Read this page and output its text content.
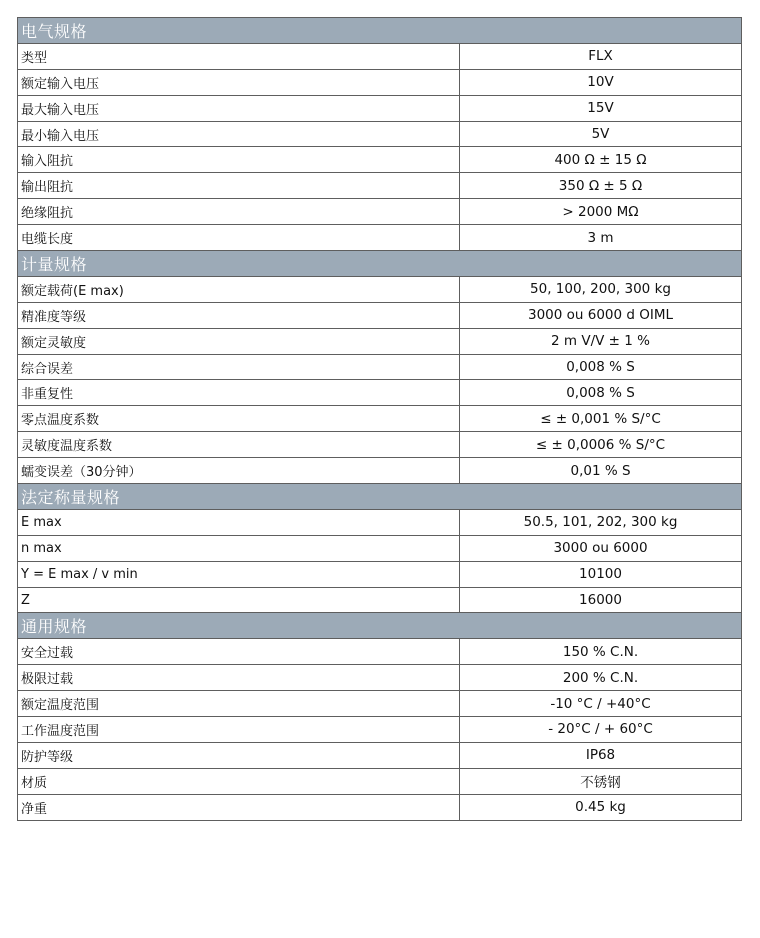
电气规格	
类型	FLX
额定输入电压	10V
最大输入电压	15V
最小输入电压	5V
输入阻抗	400 Ω ± 15 Ω
输出阻抗	350 Ω ± 5 Ω
绝缘阻抗	> 2000 MΩ
电缆长度	3 m
计量规格	
额定载荷(E max)	50, 100, 200, 300 kg
精准度等级	3000 ou 6000 d OIML
额定灵敏度	2 m V/V ± 1 %
综合误差	0,008 % S
非重复性	0,008 % S
零点温度系数	≤ ± 0,001 % S/°C
灵敏度温度系数	≤ ± 0,0006 % S/°C
蠕变误差（30分钟）	0,01 % S
法定称量规格	
E max	50.5, 101, 202, 300 kg
n max	3000 ou 6000
Y = E max / v min	10100
Z	16000
通用规格	
安全过载	150 % C.N.
极限过载	200 % C.N.
额定温度范围	-10 °C / +40°C
工作温度范围	- 20°C / + 60°C
防护等级	IP68
材质	不锈钢
净重	0.45 kg
